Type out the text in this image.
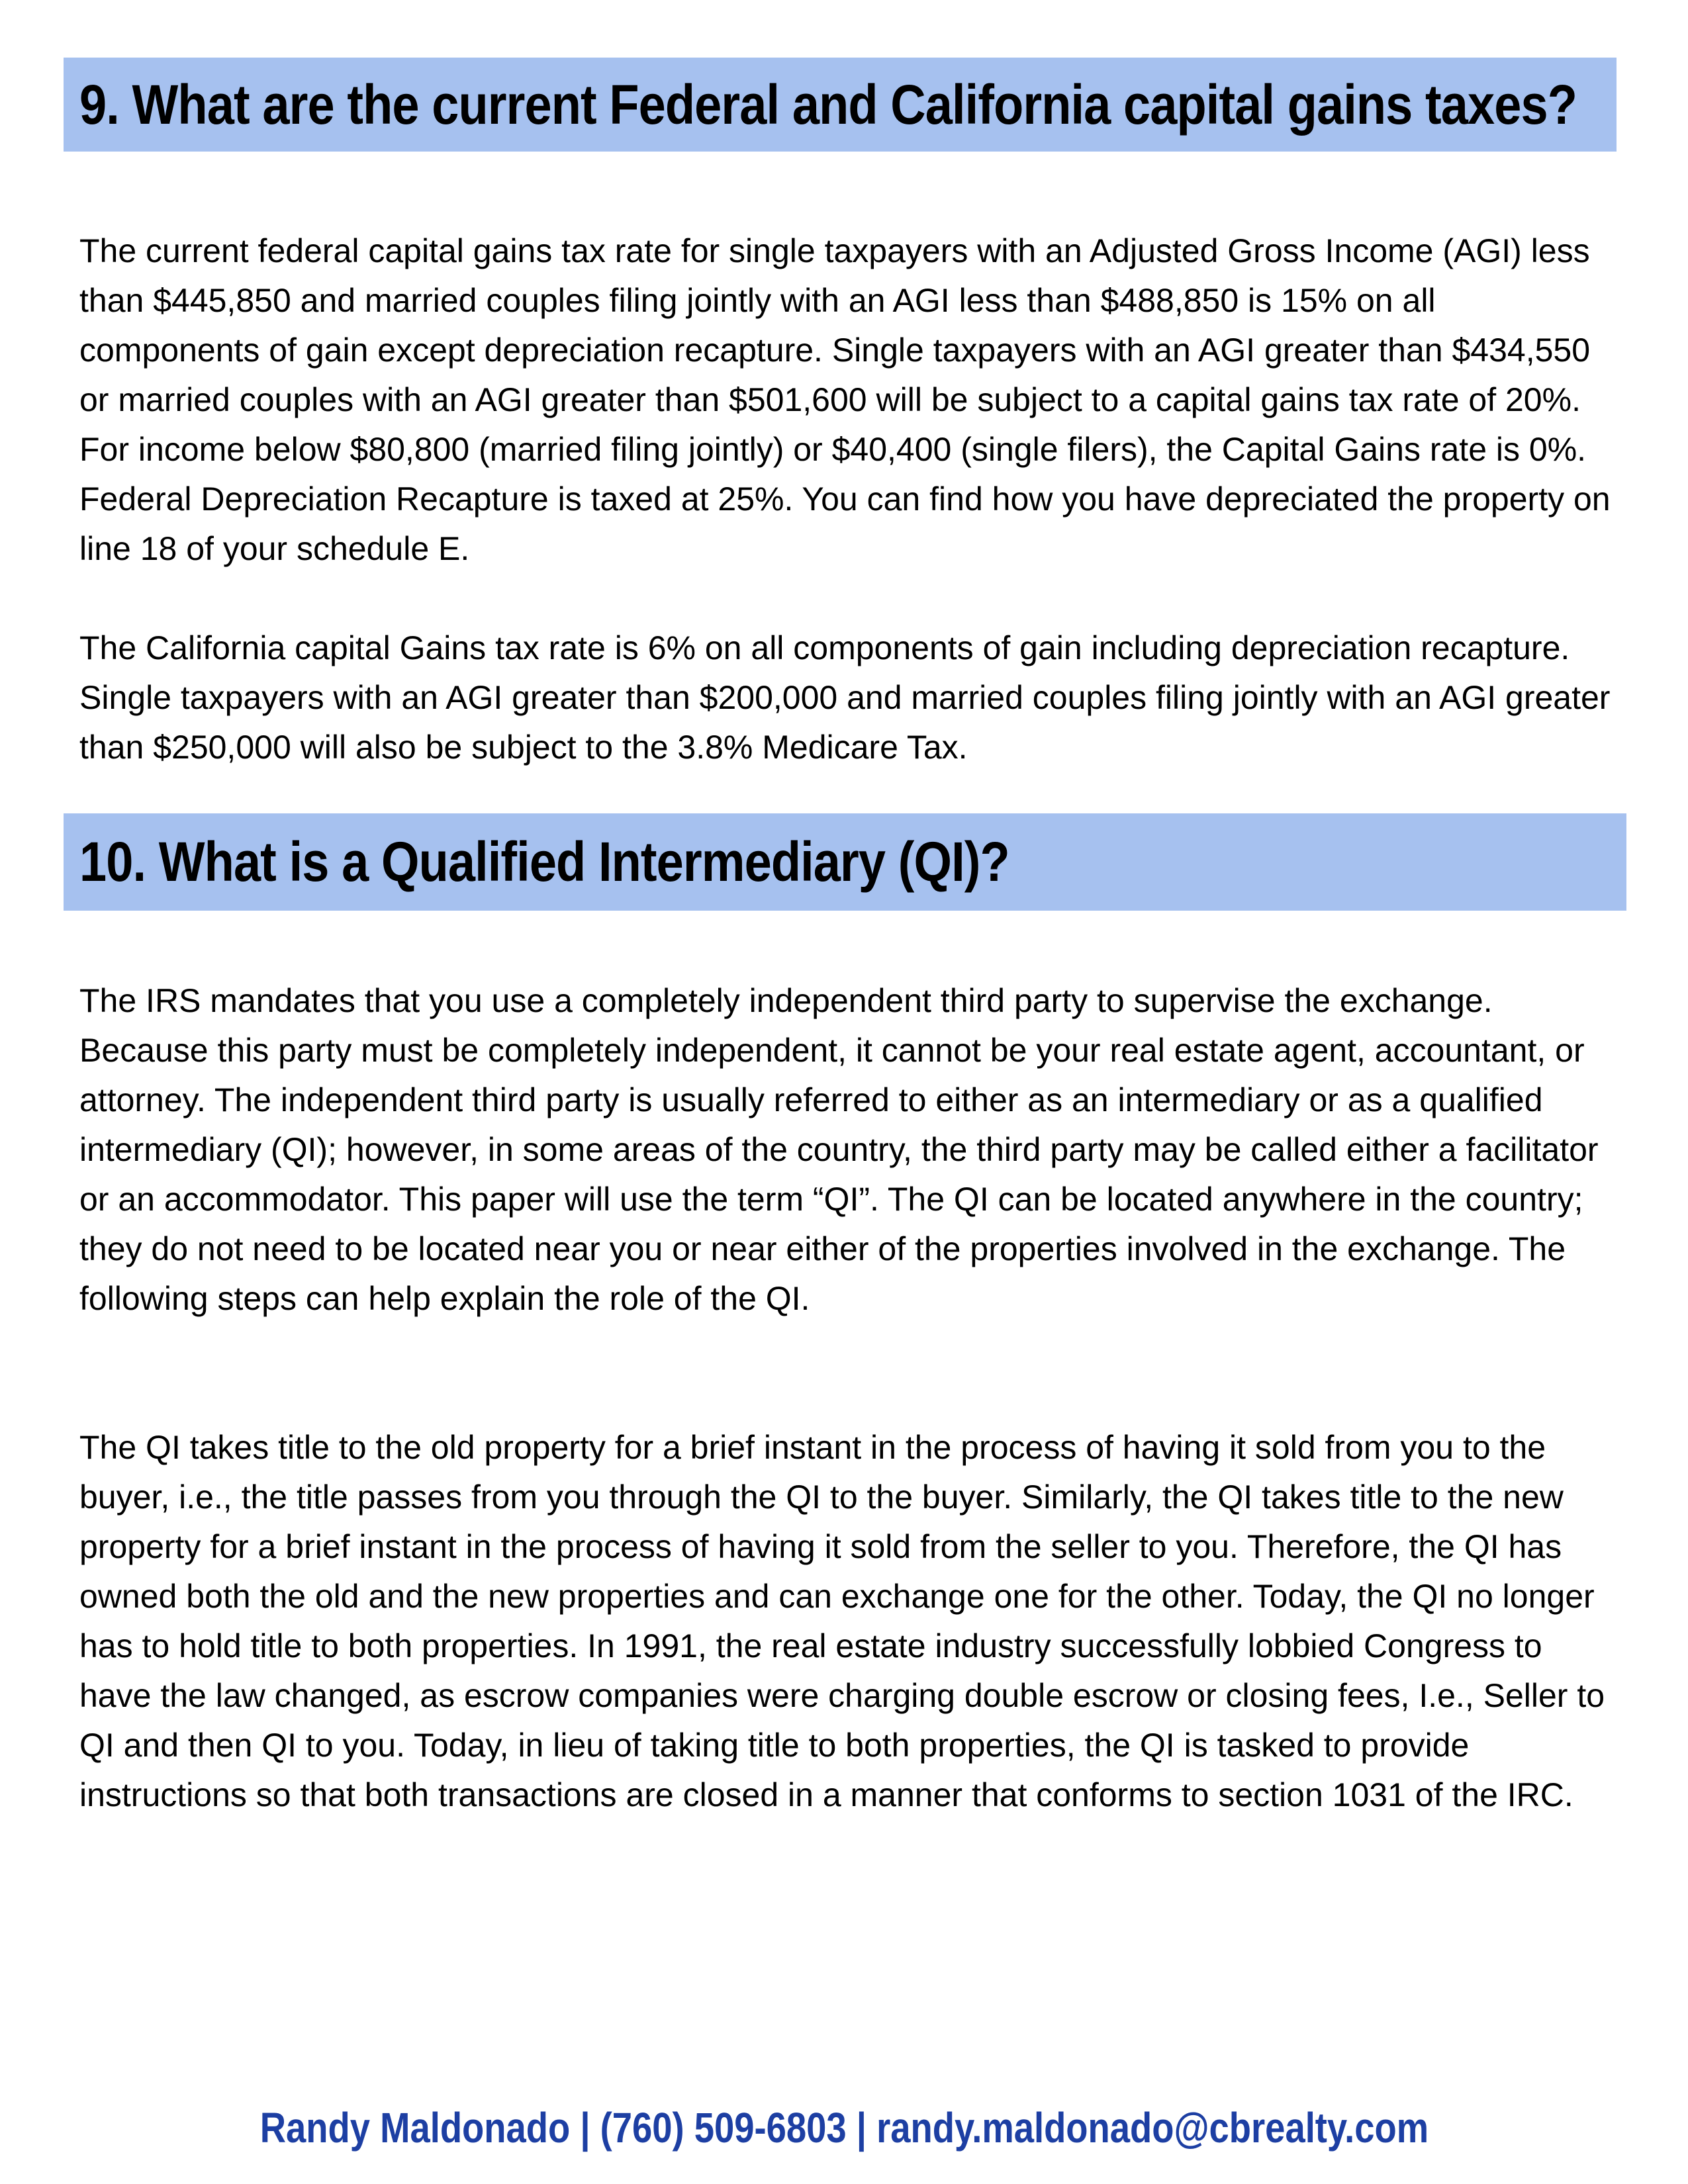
9. What are the current Federal and California capital gains taxes?

The current federal capital gains tax rate for single taxpayers with an Adjusted Gross Income (AGI) less than $445,850 and married couples filing jointly with an AGI less than $488,850 is 15% on all components of gain except depreciation recapture. Single taxpayers with an AGI greater than $434,550 or married couples with an AGI greater than $501,600 will be subject to a capital gains tax rate of 20%. For income below $80,800 (married filing jointly) or $40,400 (single filers), the Capital Gains rate is 0%. Federal Depreciation Recapture is taxed at 25%. You can find how you have depreciated the property on line 18 of your schedule E.

The California capital Gains tax rate is 6% on all components of gain including depreciation recapture. Single taxpayers with an AGI greater than $200,000 and married couples filing jointly with an AGI greater than $250,000 will also be subject to the 3.8% Medicare Tax.

10. What is a Qualified Intermediary (QI)?

The IRS mandates that you use a completely independent third party to supervise the exchange. Because this party must be completely independent, it cannot be your real estate agent, accountant, or attorney. The independent third party is usually referred to either as an intermediary or as a qualified intermediary (QI); however, in some areas of the country, the third party may be called either a facilitator or an accommodator. This paper will use the term “QI”. The QI can be located anywhere in the country; they do not need to be located near you or near either of the properties involved in the exchange. The following steps can help explain the role of the QI.

The QI takes title to the old property for a brief instant in the process of having it sold from you to the buyer, i.e., the title passes from you through the QI to the buyer. Similarly, the QI takes title to the new property for a brief instant in the process of having it sold from the seller to you. Therefore, the QI has owned both the old and the new properties and can exchange one for the other. Today, the QI no longer has to hold title to both properties. In 1991, the real estate industry successfully lobbied Congress to have the law changed, as escrow companies were charging double escrow or closing fees, I.e., Seller to QI and then QI to you. Today, in lieu of taking title to both properties, the QI is tasked to provide instructions so that both transactions are closed in a manner that conforms to section 1031 of the IRC.

Randy Maldonado | (760) 509-6803 | randy.maldonado@cbrealty.com
